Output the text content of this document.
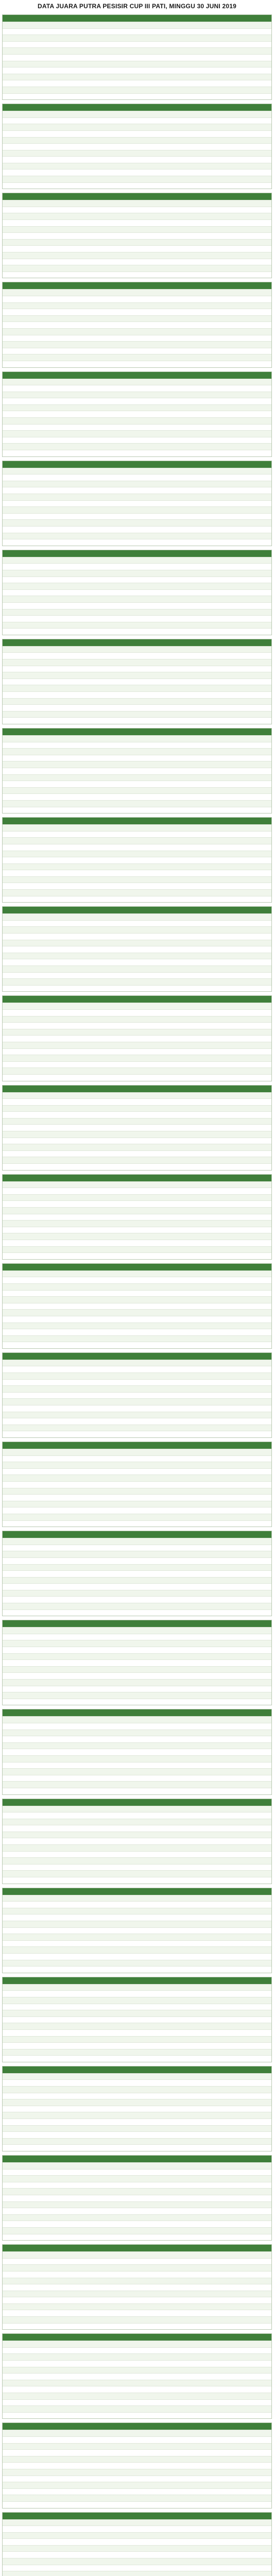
DATA JUARA PUTRA PESISIR CUP III PATI, MINGGU 30 JUNI 2019
